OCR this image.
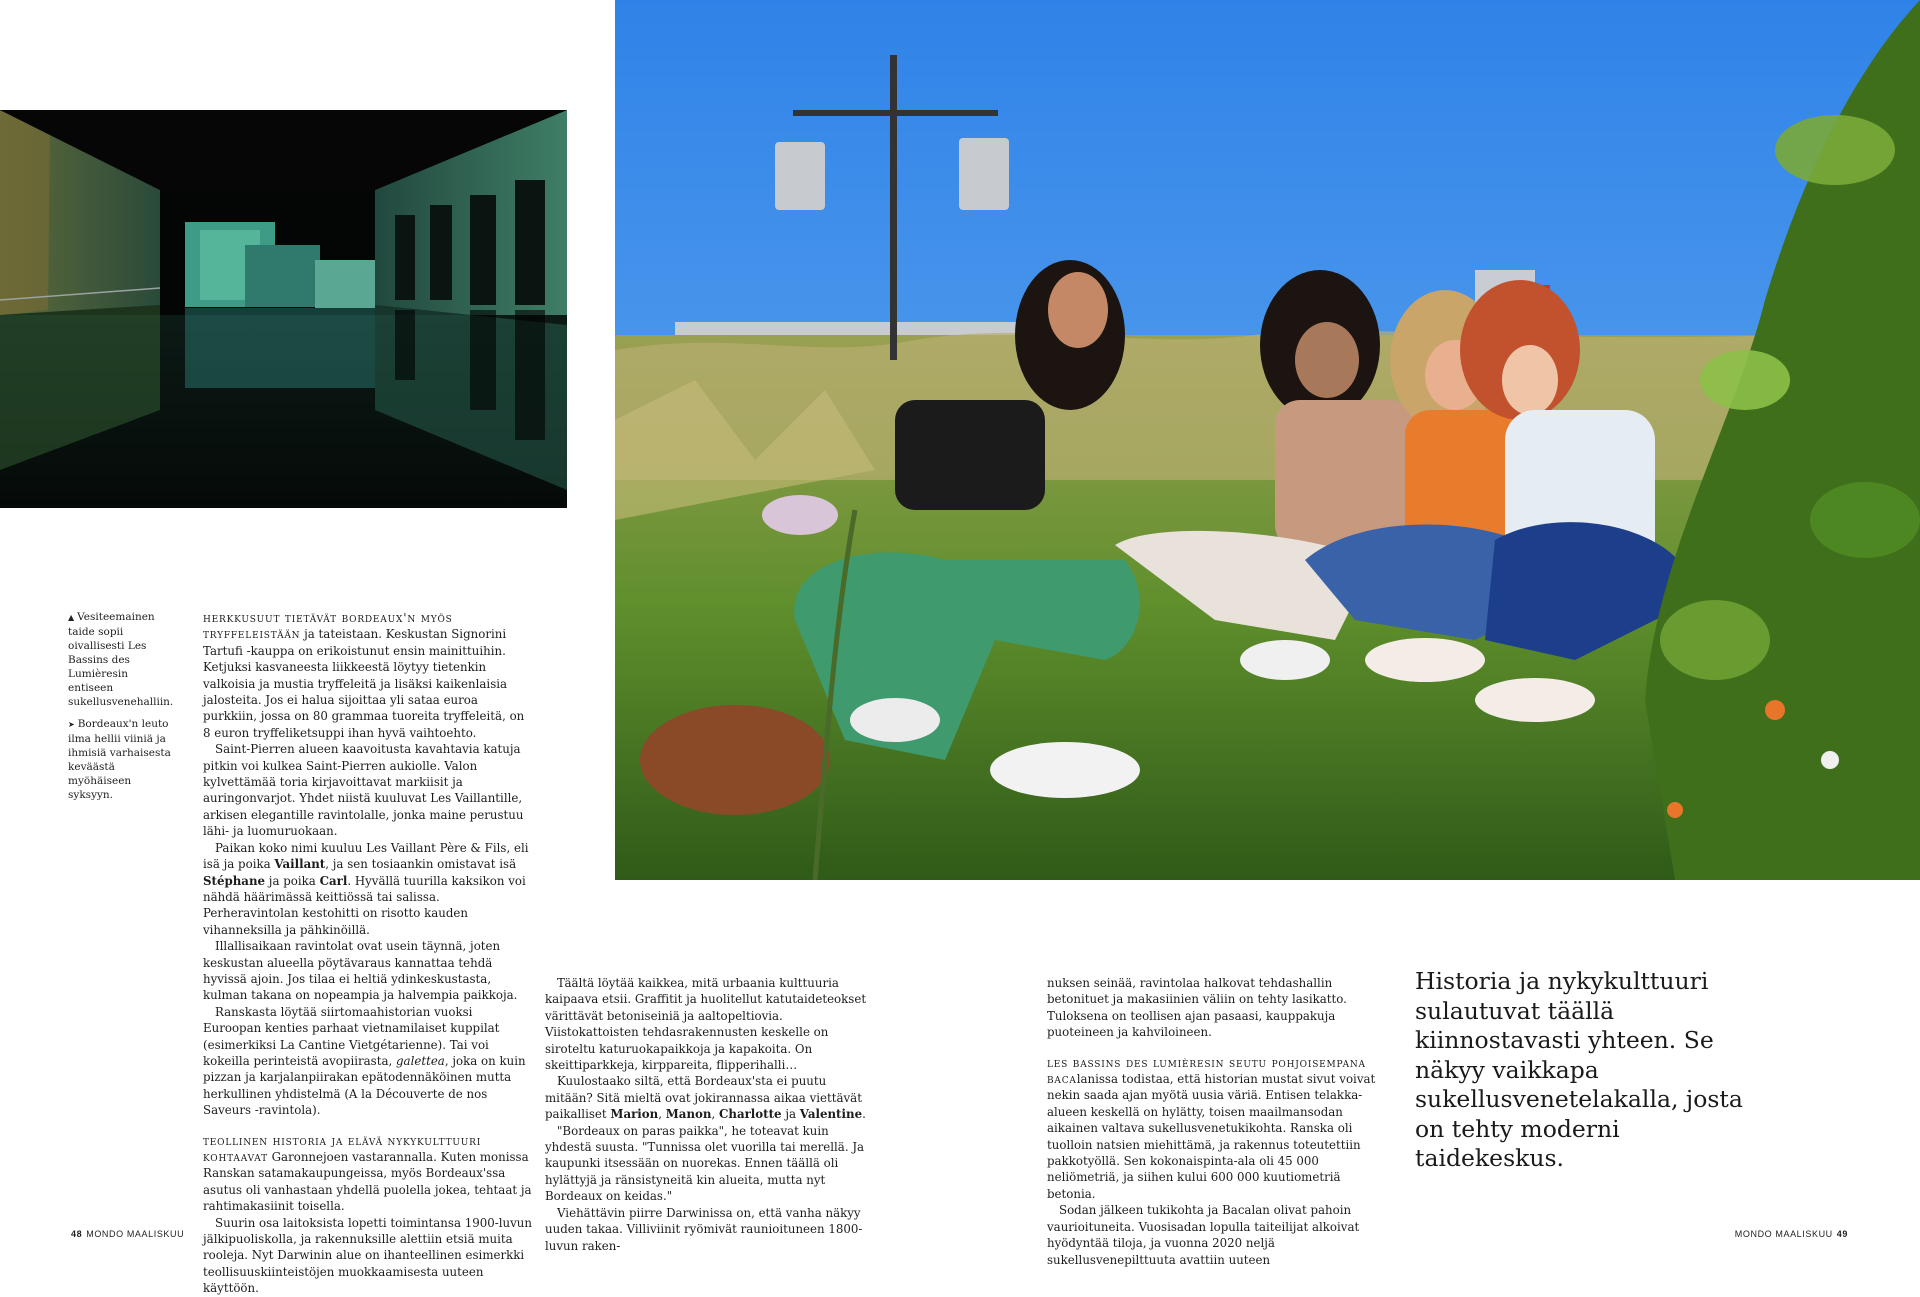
▲ Vesiteemainen taide sopii oivallisesti Les Bassins des Lumièresin entiseen sukellusvenehalliin.

➤ Bordeaux'n leuto ilma hellii viiniä ja ihmisiä varhaisesta keväästä myöhäiseen syksyyn.

herkkusuut tietävät bordeaux'n myös tryffeleistään ja tateistaan. Keskustan Signorini Tartufi -kauppa on erikoistunut ensin mainittuihin. Ketjuksi kasvaneesta liikkeestä löytyy tietenkin valkoisia ja mustia tryffeleitä ja lisäksi kaikenlaisia jalosteita. Jos ei halua sijoittaa yli sataa euroa purkkiin, jossa on 80 grammaa tuoreita tryffeleitä, on 8 euron tryffeliketsuppi ihan hyvä vaihtoehto.

Saint-Pierren alueen kaavoitusta kavahtavia katuja pitkin voi kulkea Saint-Pierren aukiolle. Valon kylvettämää toria kirjavoittavat markiisit ja auringonvarjot. Yhdet niistä kuuluvat Les Vaillantille, arkisen elegantille ravintolalle, jonka maine perustuu lähi- ja luomuruokaan.

Paikan koko nimi kuuluu Les Vaillant Père & Fils, eli isä ja poika Vaillant, ja sen tosiaankin omistavat isä Stéphane ja poika Carl. Hyvällä tuurilla kaksikon voi nähdä häärimässä keittiössä tai salissa. Perheravintolan kestohitti on risotto kauden vihanneksilla ja pähkinöillä.

Illallisaikaan ravintolat ovat usein täynnä, joten keskustan alueella pöytävaraus kannattaa tehdä hyvissä ajoin. Jos tilaa ei heltiä ydinkeskustasta, kulman takana on nopeampia ja halvempia paikkoja.

Ranskasta löytää siirtomaahistorian vuoksi Euroopan kenties parhaat vietnamilaiset kuppilat (esimerkiksi La Cantine Vietgétarienne). Tai voi kokeilla perinteistä avopiirasta, galettea, joka on kuin pizzan ja karjalanpiirakan epätodennäköinen mutta herkullinen yhdistelmä (A la Découverte de nos Saveurs -ravintola).

teollinen historia ja elävä nykykulttuuri kohtaavat Garonnejoen vastarannalla. Kuten monissa Ranskan satamakaupungeissa, myös Bordeaux'ssa asutus oli vanhastaan yhdellä puolella jokea, tehtaat ja rahtimakasiinit toisella.

Suurin osa laitoksista lopetti toimintansa 1900-luvun jälkipuoliskolla, ja rakennuksille alettiin etsiä muita rooleja. Nyt Darwinin alue on ihanteellinen esimerkki teollisuuskiinteistöjen muokkaamisesta uuteen käyttöön.

Täältä löytää kaikkea, mitä urbaania kulttuuria kaipaava etsii. Graffitit ja huolitellut katutaideteokset värittävät betoniseiniä ja aaltopeltiovia. Viistokattoisten tehdasrakennusten keskelle on siroteltu katuruokapaikkoja ja kapakoita. On skeittiparkkeja, kirppareita, flipperihalli…

Kuulostaako siltä, että Bordeaux'sta ei puutu mitään? Sitä mieltä ovat jokirannassa aikaa viettävät paikalliset Marion, Manon, Charlotte ja Valentine.

"Bordeaux on paras paikka", he toteavat kuin yhdestä suusta. "Tunnissa olet vuorilla tai merellä. Ja kaupunki itsessään on nuorekas. Ennen täällä oli hylättyjä ja ränsistyneitä kin alueita, mutta nyt Bordeaux on keidas."

Viehättävin piirre Darwinissa on, että vanha näkyy uuden takaa. Villiviinit ryömivät raunioituneen 1800-luvun raken-

nuksen seinää, ravintolaa halkovat tehdashallin betonituet ja makasiinien väliin on tehty lasikatto. Tuloksena on teollisen ajan pasaasi, kauppakuja puoteineen ja kahviloineen.

les bassins des lumièresin seutu pohjoisempana bacalanissa todistaa, että historian mustat sivut voivat nekin saada ajan myötä uusia väriä. Entisen telakka-alueen keskellä on hylätty, toisen maailmansodan aikainen valtava sukellusvenetukikohta. Ranska oli tuolloin natsien miehittämä, ja rakennus toteutettiin pakkotyöllä. Sen kokonaispinta-ala oli 45 000 neliömetriä, ja siihen kului 600 000 kuutiometriä betonia.

Sodan jälkeen tukikohta ja Bacalan olivat pahoin vaurioituneita. Vuosisadan lopulla taiteilijat alkoivat hyödyntää tiloja, ja vuonna 2020 neljä sukellusvenepilttuuta avattiin uuteen

Historia ja nykykulttuuri sulautuvat täällä kiinnostavasti yhteen. Se näkyy vaikkapa sukellusvenetelakalla, josta on tehty moderni taidekeskus.
48 MONDO MAALISKUU	MONDO MAALISKUU 49
